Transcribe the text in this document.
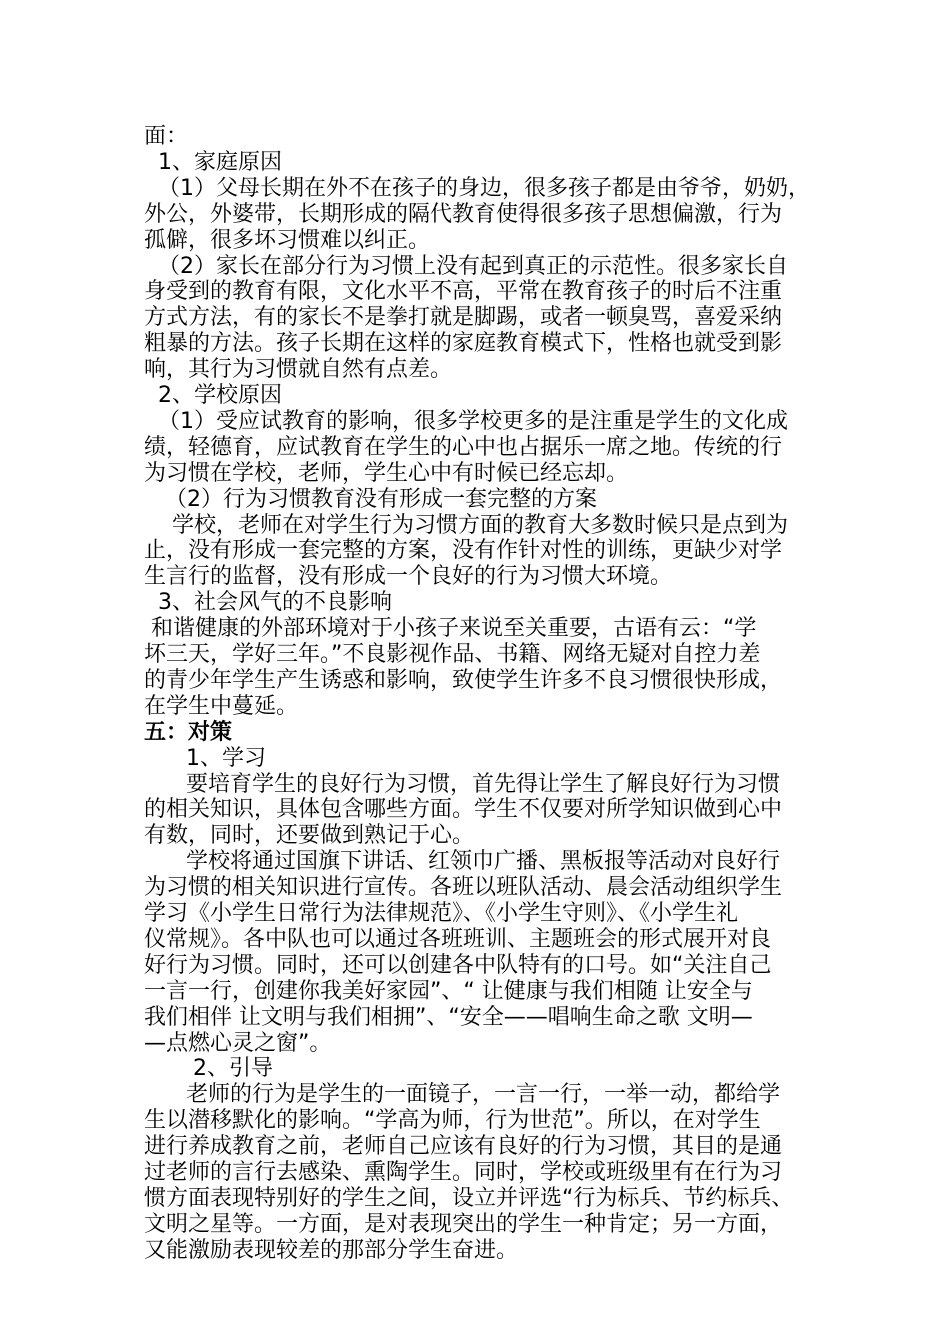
面：
1、家庭原因
（1）父母长期在外不在孩子的身边，很多孩子都是由爷爷，奶奶，
外公，外婆带，长期形成的隔代教育使得很多孩子思想偏激，行为
孤僻，很多坏习惯难以纠正。
（2）家长在部分行为习惯上没有起到真正的示范性。很多家长自
身受到的教育有限，文化水平不高，平常在教育孩子的时后不注重
方式方法，有的家长不是拳打就是脚踢，或者一顿臭骂，喜爱采纳
粗暴的方法。孩子长期在这样的家庭教育模式下，性格也就受到影
响，其行为习惯就自然有点差。
2、学校原因
（1）受应试教育的影响，很多学校更多的是注重是学生的文化成
绩，轻德育，应试教育在学生的心中也占据乐一席之地。传统的行
为习惯在学校，老师，学生心中有时候已经忘却。
（2）行为习惯教育没有形成一套完整的方案
学校，老师在对学生行为习惯方面的教育大多数时候只是点到为
止，没有形成一套完整的方案，没有作针对性的训练，更缺少对学
生言行的监督，没有形成一个良好的行为习惯大环境。
3、社会风气的不良影响
和谐健康的外部环境对于小孩子来说至关重要，古语有云：“学
坏三天，学好三年。”不良影视作品、书籍、网络无疑对自控力差
的青少年学生产生诱惑和影响，致使学生许多不良习惯很快形成，
在学生中蔓延。
五：对策
1、学习
要培育学生的良好行为习惯，首先得让学生了解良好行为习惯
的相关知识，具体包含哪些方面。学生不仅要对所学知识做到心中
有数，同时，还要做到熟记于心。
学校将通过国旗下讲话、红领巾广播、黑板报等活动对良好行
为习惯的相关知识进行宣传。各班以班队活动、晨会活动组织学生
学习《小学生日常行为法律规范》、《小学生守则》、《小学生礼
仪常规》。各中队也可以通过各班班训、主题班会的形式展开对良
好行为习惯。同时，还可以创建各中队特有的口号。如“关注自己
一言一行，创建你我美好家园”、“ 让健康与我们相随 让安全与
我们相伴 让文明与我们相拥”、“安全——唱响生命之歌 文明—
—点燃心灵之窗”。
2、引导
老师的行为是学生的一面镜子，一言一行，一举一动，都给学
生以潜移默化的影响。“学高为师，行为世范”。所以，在对学生
进行养成教育之前，老师自己应该有良好的行为习惯，其目的是通
过老师的言行去感染、熏陶学生。同时，学校或班级里有在行为习
惯方面表现特别好的学生之间，设立并评选“行为标兵、节约标兵、
文明之星等。一方面，是对表现突出的学生一种肯定；另一方面，
又能激励表现较差的那部分学生奋进。
